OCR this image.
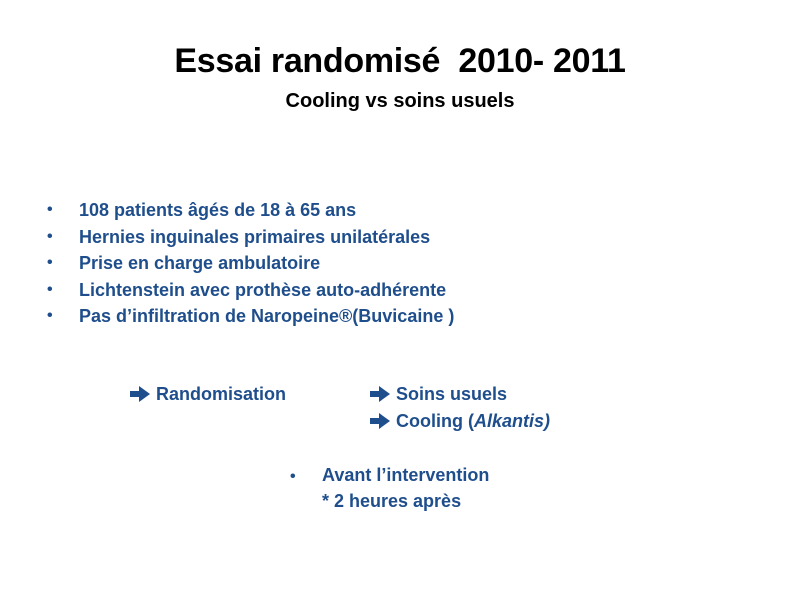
Essai randomisé  2010- 2011
Cooling vs soins usuels
• 108 patients âgés de 18 à 65 ans
• Hernies inguinales primaires unilatérales
• Prise en charge ambulatoire
• Lichtenstein avec prothèse auto-adhérente
• Pas d’infiltration de Naropeine®(Buvicaine )
Randomisation	Soins usuels
Cooling (Alkantis)
• Avant l’intervention
* 2 heures après
